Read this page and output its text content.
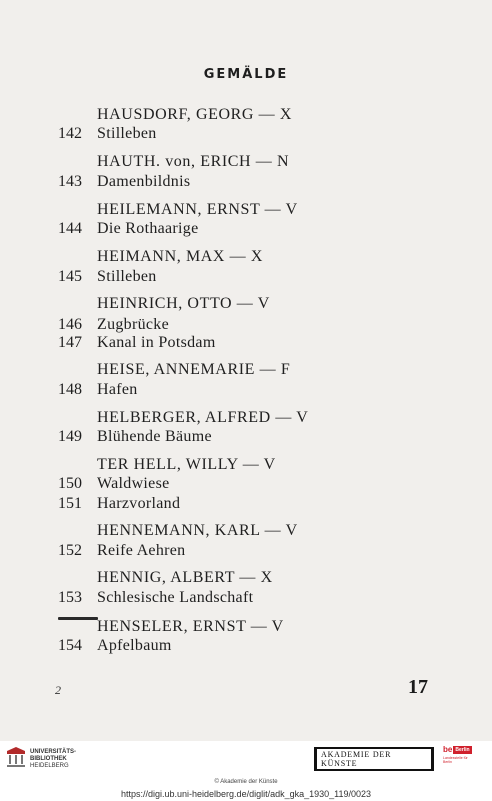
GEMÄLDE
HAUSDORF, GEORG — X
142 Stilleben
HAUTH. von, ERICH — N
143 Damenbildnis
HEILEMANN, ERNST — V
144 Die Rothaarige
HEIMANN, MAX — X
145 Stilleben
HEINRICH, OTTO — V
146 Zugbrücke
147 Kanal in Potsdam
HEISE, ANNEMARIE — F
148 Hafen
HELBERGER, ALFRED — V
149 Blühende Bäume
TER HELL, WILLY — V
150 Waldwiese
151 Harzvorland
HENNEMANN, KARL — V
152 Reife Aehren
HENNIG, ALBERT — X
153 Schlesische Landschaft
HENSELER, ERNST — V
154 Apfelbaum
2	17
UNIVERSITÄTS-
BIBLIOTHEK
HEIDELBERG
AKADEMIE DER KÜNSTE
be Berlin
Landesstelle für
Berlin
© Akademie der Künste
https://digi.ub.uni-heidelberg.de/diglit/adk_gka_1930_119/0023
